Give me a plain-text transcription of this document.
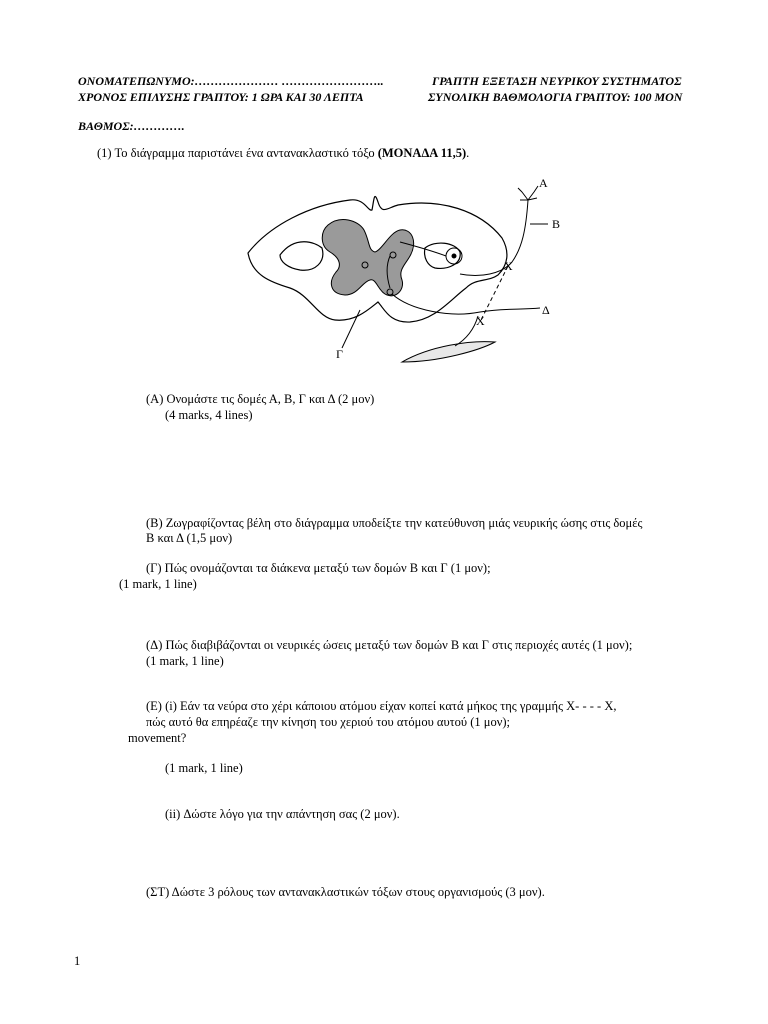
ΟΝΟΜΑΤΕΠΩΝΥΜΟ:………………… ……………………..	ΓΡΑΠΤΗ ΕΞΕΤΑΣΗ ΝΕΥΡΙΚΟΥ ΣΥΣΤΗΜΑΤΟΣ
ΧΡΟΝΟΣ ΕΠΙΛΥΣΗΣ ΓΡΑΠΤΟΥ: 1 ΩΡΑ ΚΑΙ 30 ΛΕΠΤΑ	ΣΥΝΟΛΙΚΗ ΒΑΘΜΟΛΟΓΙΑ ΓΡΑΠΤΟΥ: 100 ΜΟΝ
ΒΑΘΜΟΣ:………….
(1) Το διάγραμμα παριστάνει ένα αντανακλαστικό τόξο (ΜΟΝΑΔΑ 11,5).
Α
Β
Χ
Δ
Χ
Γ
(Α) Ονομάστε τις δομές Α, Β, Γ και Δ (2 μον)
(4 marks, 4 lines)
(Β) Ζωγραφίζοντας βέλη στο διάγραμμα υποδείξτε την κατεύθυνση μιάς νευρικής ώσης στις δομές
Β και Δ (1,5 μον)
(Γ) Πώς ονομάζονται τα διάκενα μεταξύ των δομών Β και Γ (1 μον);
(1 mark, 1 line)
(Δ) Πώς διαβιβάζονται οι νευρικές ώσεις μεταξύ των δομών Β και Γ στις περιοχές αυτές (1 μον);
(1 mark, 1 line)
(Ε) (i) Εάν τα νεύρα στο χέρι κάποιου ατόμου είχαν κοπεί κατά μήκος της γραμμής Χ- - - - Χ,
πώς αυτό θα επηρέαζε την κίνηση του χεριού του ατόμου αυτού (1 μον);
movement?
(1 mark, 1 line)
(ii) Δώστε λόγο για την απάντηση σας (2 μον).
(ΣΤ) Δώστε 3 ρόλους των αντανακλαστικών τόξων στους οργανισμούς (3 μον).
1
